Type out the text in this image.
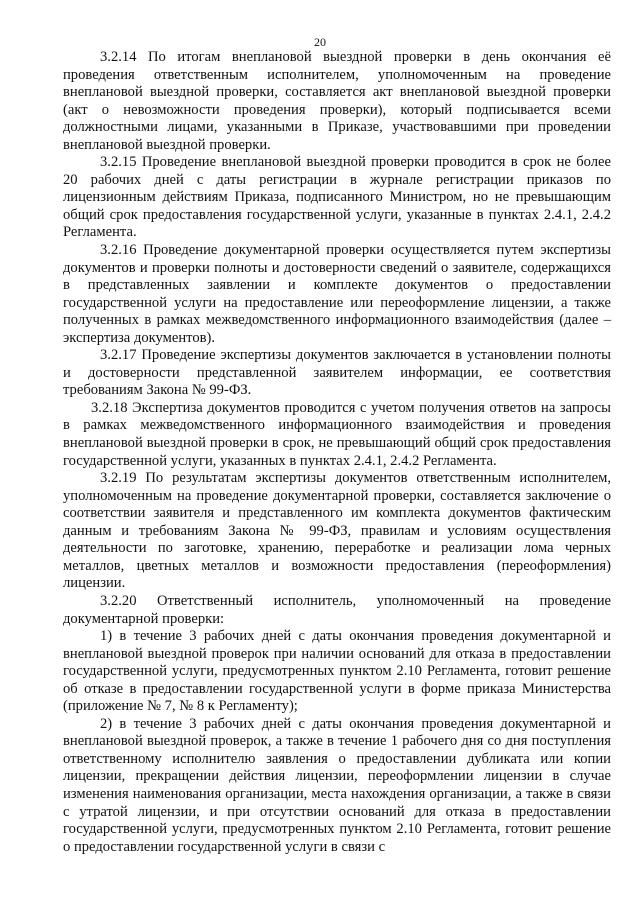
20

3.2.14 По итогам внеплановой выездной проверки в день окончания её проведения ответственным исполнителем, уполномоченным на проведение внеплановой выездной проверки, составляется акт внеплановой выездной проверки (акт о невозможности проведения проверки), который подписывается всеми должностными лицами, указанными в Приказе, участвовавшими при проведении внеплановой выездной проверки.

3.2.15 Проведение внеплановой выездной проверки проводится в срок не более 20 рабочих дней с даты регистрации в журнале регистрации приказов по лицензионным действиям Приказа, подписанного Министром, но не превышающим общий срок предоставления государственной услуги, указанные в пунктах 2.4.1, 2.4.2 Регламента.

3.2.16 Проведение документарной проверки осуществляется путем экспертизы документов и проверки полноты и достоверности сведений о заявителе, содержащихся в представленных заявлении и комплекте документов о предоставлении государственной услуги на предоставление или переоформление лицензии, а также полученных в рамках межведомственного информационного взаимодействия (далее – экспертиза документов).

3.2.17 Проведение экспертизы документов заключается в установлении полноты и достоверности представленной заявителем информации, ее соответствия требованиям Закона № 99-ФЗ.

3.2.18 Экспертиза документов проводится с учетом получения ответов на запросы в рамках межведомственного информационного взаимодействия и проведения внеплановой выездной проверки в срок, не превышающий общий срок предоставления государственной услуги, указанных в пунктах 2.4.1, 2.4.2 Регламента.

3.2.19 По результатам экспертизы документов ответственным исполнителем, уполномоченным на проведение документарной проверки, составляется заключение о соответствии заявителя и представленного им комплекта документов фактическим данным и требованиям Закона № 99-ФЗ, правилам и условиям осуществления деятельности по заготовке, хранению, переработке и реализации лома черных металлов, цветных металлов и возможности предоставления (переоформления) лицензии.

3.2.20 Ответственный исполнитель, уполномоченный на проведение документарной проверки:

1) в течение 3 рабочих дней с даты окончания проведения документарной и внеплановой выездной проверок при наличии оснований для отказа в предоставлении государственной услуги, предусмотренных пунктом 2.10 Регламента, готовит решение об отказе в предоставлении государственной услуги в форме приказа Министерства (приложение № 7, № 8 к Регламенту);

2) в течение 3 рабочих дней с даты окончания проведения документарной и внеплановой выездной проверок, а также в течение 1 рабочего дня со дня поступления ответственному исполнителю заявления о предоставлении дубликата или копии лицензии, прекращении действия лицензии, переоформлении лицензии в случае изменения наименования организации, места нахождения организации, а также в связи с утратой лицензии, и при отсутствии оснований для отказа в предоставлении государственной услуги, предусмотренных пунктом 2.10 Регламента, готовит решение о предоставлении государственной услуги в связи с
